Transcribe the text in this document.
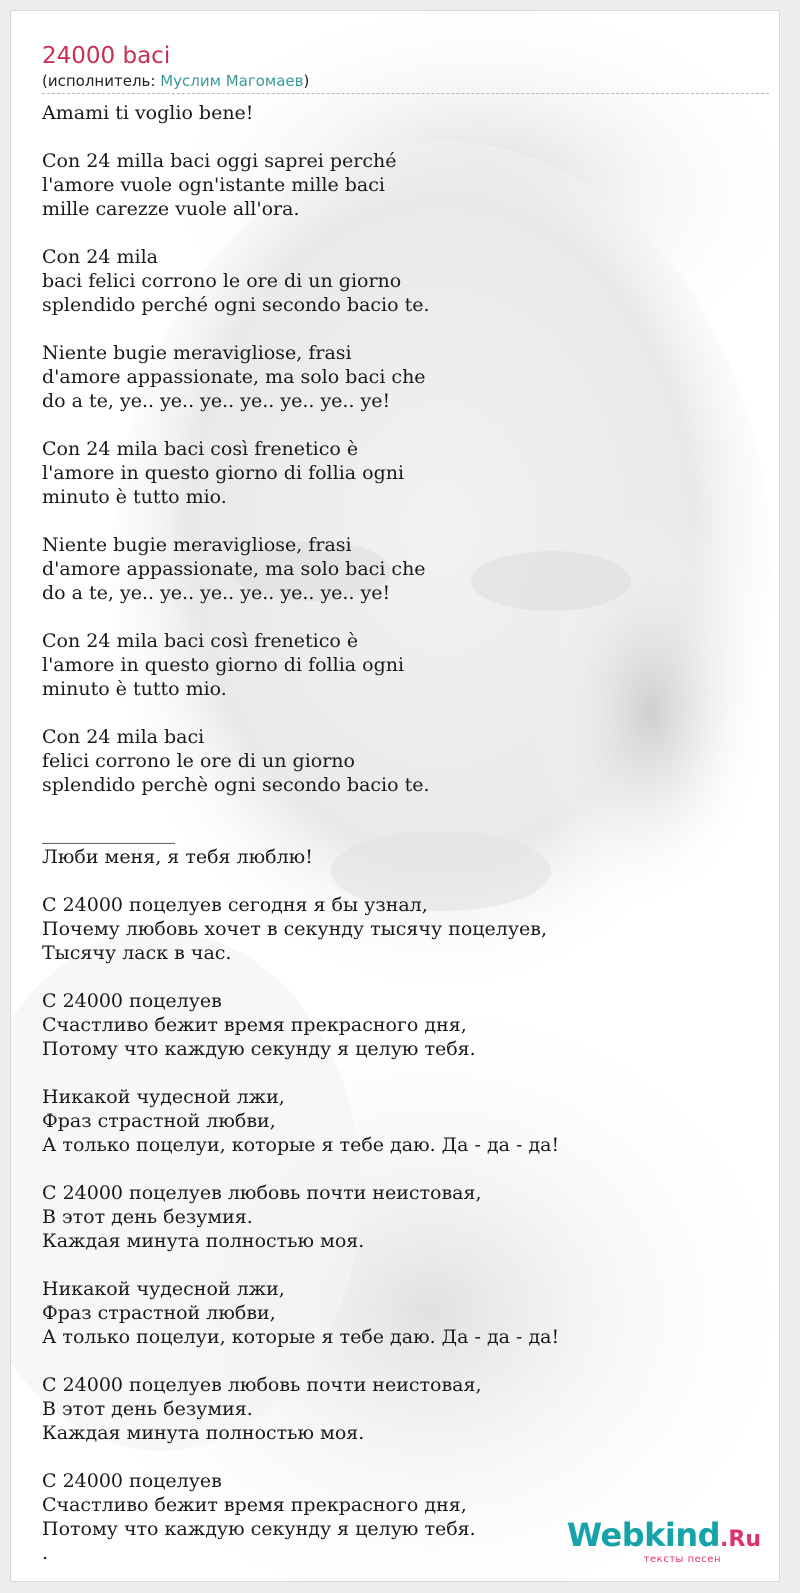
24000 baci
(исполнитель: Муслим Магомаев)
Amami ti voglio bene!
Con 24 milla baci oggi saprei perché
l'amore vuole ogn'istante mille baci
mille carezze vuole all'ora.
Con 24 mila
baci felici corrono le ore di un giorno
splendido perché ogni secondo bacio te.
Niente bugie meravigliose, frasi
d'amore appassionate, ma solo baci che
do a te, ye.. ye.. ye.. ye.. ye.. ye.. ye!
Con 24 mila baci così frenetico è
l'amore in questo giorno di follia ogni
minuto è tutto mio.
Niente bugie meravigliose, frasi
d'amore appassionate, ma solo baci che
do a te, ye.. ye.. ye.. ye.. ye.. ye.. ye!
Con 24 mila baci così frenetico è
l'amore in questo giorno di follia ogni
minuto è tutto mio.
Con 24 mila baci
felici corrono le ore di un giorno
splendido perchè ogni secondo bacio te.
______________
Люби меня, я тебя люблю!
С 24000 поцелуев сегодня я бы узнал,
Почему любовь хочет в секунду тысячу поцелуев,
Тысячу ласк в час.
С 24000 поцелуев
Счастливо бежит время прекрасного дня,
Потому что каждую секунду я целую тебя.
Никакой чудесной лжи,
Фраз страстной любви,
А только поцелуи, которые я тебе даю. Да - да - да!
С 24000 поцелуев любовь почти неистовая,
В этот день безумия.
Каждая минута полностью моя.
Никакой чудесной лжи,
Фраз страстной любви,
А только поцелуи, которые я тебе даю. Да - да - да!
С 24000 поцелуев любовь почти неистовая,
В этот день безумия.
Каждая минута полностью моя.
С 24000 поцелуев
Счастливо бежит время прекрасного дня,
Потому что каждую секунду я целую тебя.
.	Webkind.Ru
тексты песен
